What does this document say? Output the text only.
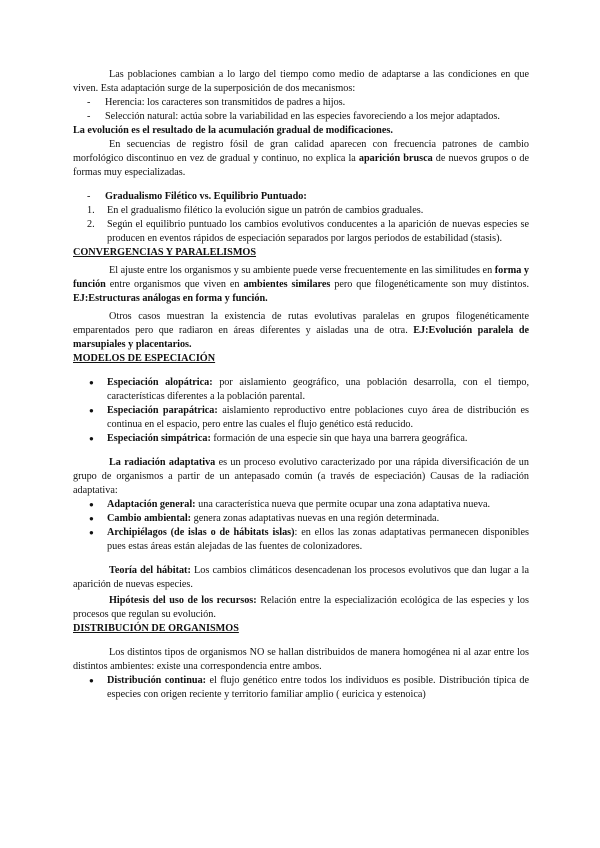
Las poblaciones cambian a lo largo del tiempo como medio de adaptarse a las condiciones en que viven. Esta adaptación surge de la superposición de dos mecanismos:

-	Herencia: los caracteres son transmitidos de padres a hijos.
-	Selección natural: actúa sobre la variabilidad en las especies favoreciendo a los mejor adaptados.

La evolución es el resultado de la acumulación gradual de modificaciones.

En secuencias de registro fósil de gran calidad aparecen con frecuencia patrones de cambio morfológico discontinuo en vez de gradual y continuo, no explica la aparición brusca de nuevos grupos o de formas muy especializadas.

-	Gradualismo Filético vs. Equilibrio Puntuado:
1.	En el gradualismo filético la evolución sigue un patrón de cambios graduales.
2.	Según el equilibrio puntuado los cambios evolutivos conducentes a la aparición de nuevas especies se producen en eventos rápidos de especiación separados por largos periodos de estabilidad (stasis).

CONVERGENCIAS Y PARALELISMOS

El ajuste entre los organismos y su ambiente puede verse frecuentemente en las similitudes en forma y función entre organismos que viven en ambientes similares pero que filogenéticamente son muy distintos. EJ:Estructuras análogas en forma y función.

Otros casos muestran la existencia de rutas evolutivas paralelas en grupos filogenéticamente emparentados pero que radiaron en áreas diferentes y aisladas una de otra. EJ:Evolución paralela de marsupiales y placentarios.

MODELOS DE ESPECIACIÓN

●	Especiación alopátrica: por aislamiento geográfico, una población desarrolla, con el tiempo, características diferentes a la población parental.
●	Especiación parapátrica: aislamiento reproductivo entre poblaciones cuyo área de distribución es continua en el espacio, pero entre las cuales el flujo genético está reducido.
●	Especiación simpátrica: formación de una especie sin que haya una barrera geográfica.

La radiación adaptativa es un proceso evolutivo caracterizado por una rápida diversificación de un grupo de organismos a partir de un antepasado común (a través de especiación) Causas de la radiación adaptativa:

●	Adaptación general: una característica nueva que permite ocupar una zona adaptativa nueva.
●	Cambio ambiental: genera zonas adaptativas nuevas en una región determinada.
●	Archipiélagos (de islas o de hábitats islas): en ellos las zonas adaptativas permanecen disponibles pues estas áreas están alejadas de las fuentes de colonizadores.

Teoría del hábitat: Los cambios climáticos desencadenan los procesos evolutivos que dan lugar a la aparición de nuevas especies.

Hipótesis del uso de los recursos: Relación entre la especialización ecológica de las especies y los procesos que regulan su evolución.

DISTRIBUCIÓN DE ORGANISMOS

Los distintos tipos de organismos NO se hallan distribuidos de manera homogénea ni al azar entre los distintos ambientes: existe una correspondencia entre ambos.

●	Distribución continua: el flujo genético entre todos los individuos es posible. Distribución típica de especies con origen reciente y territorio familiar amplio ( euricica y estenoica)
